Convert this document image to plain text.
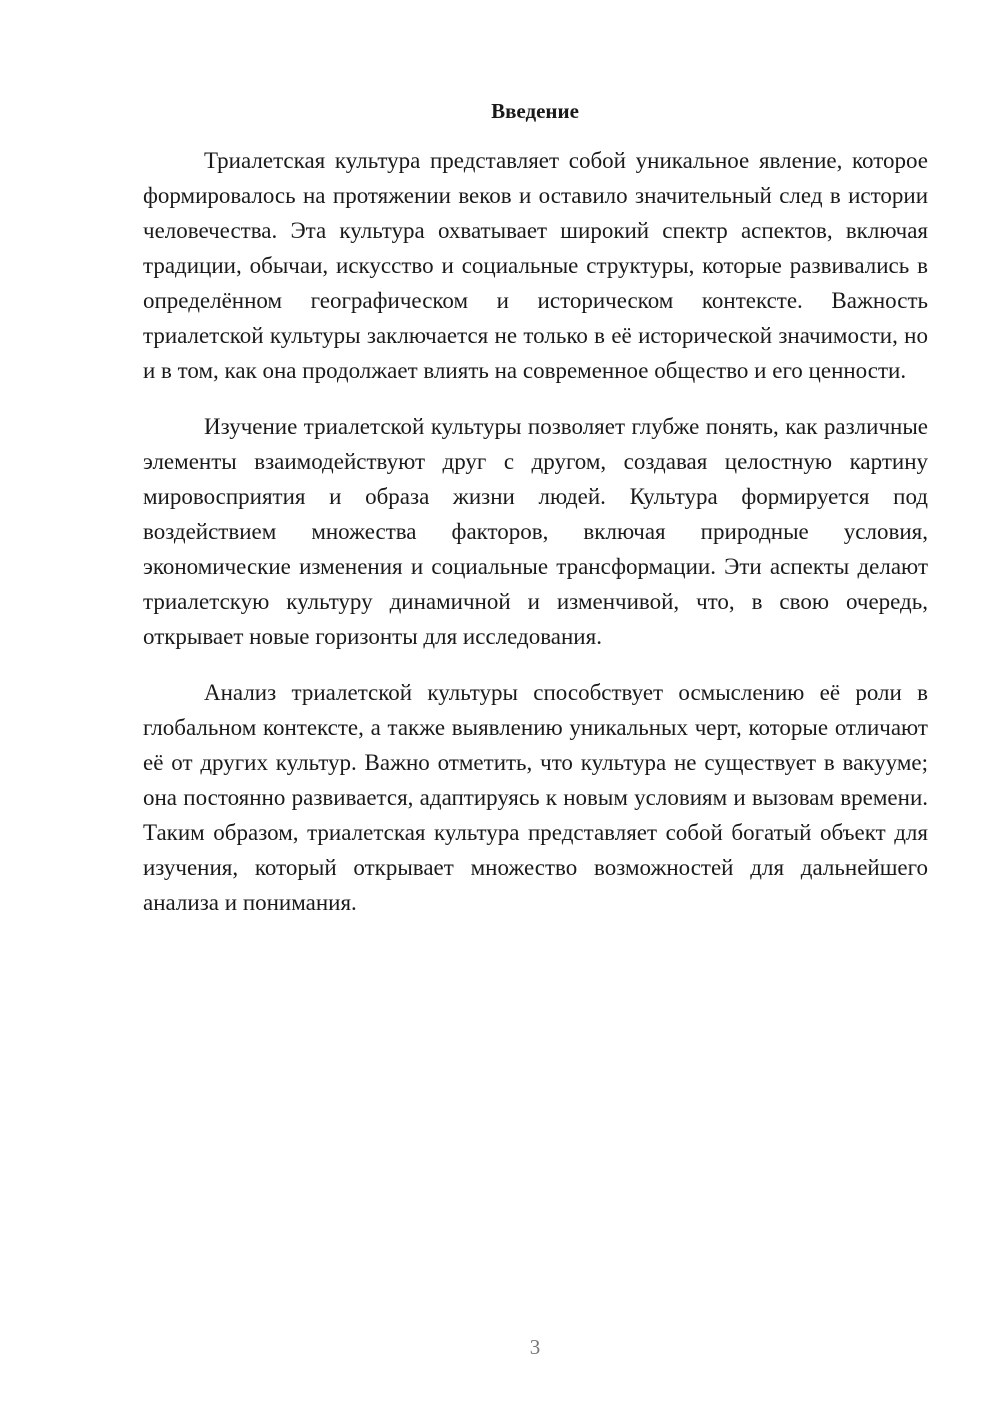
Введение

Триалетская культура представляет собой уникальное явление, которое формировалось на протяжении веков и оставило значительный след в истории человечества. Эта культура охватывает широкий спектр аспектов, включая традиции, обычаи, искусство и социальные структуры, которые развивались в определённом географическом и историческом контексте. Важность триалетской культуры заключается не только в её исторической значимости, но и в том, как она продолжает влиять на современное общество и его ценности.

Изучение триалетской культуры позволяет глубже понять, как различные элементы взаимодействуют друг с другом, создавая целостную картину мировосприятия и образа жизни людей. Культура формируется под воздействием множества факторов, включая природные условия, экономические изменения и социальные трансформации. Эти аспекты делают триалетскую культуру динамичной и изменчивой, что, в свою очередь, открывает новые горизонты для исследования.

Анализ триалетской культуры способствует осмыслению её роли в глобальном контексте, а также выявлению уникальных черт, которые отличают её от других культур. Важно отметить, что культура не существует в вакууме; она постоянно развивается, адаптируясь к новым условиям и вызовам времени. Таким образом, триалетская культура представляет собой богатый объект для изучения, который открывает множество возможностей для дальнейшего анализа и понимания.

3
